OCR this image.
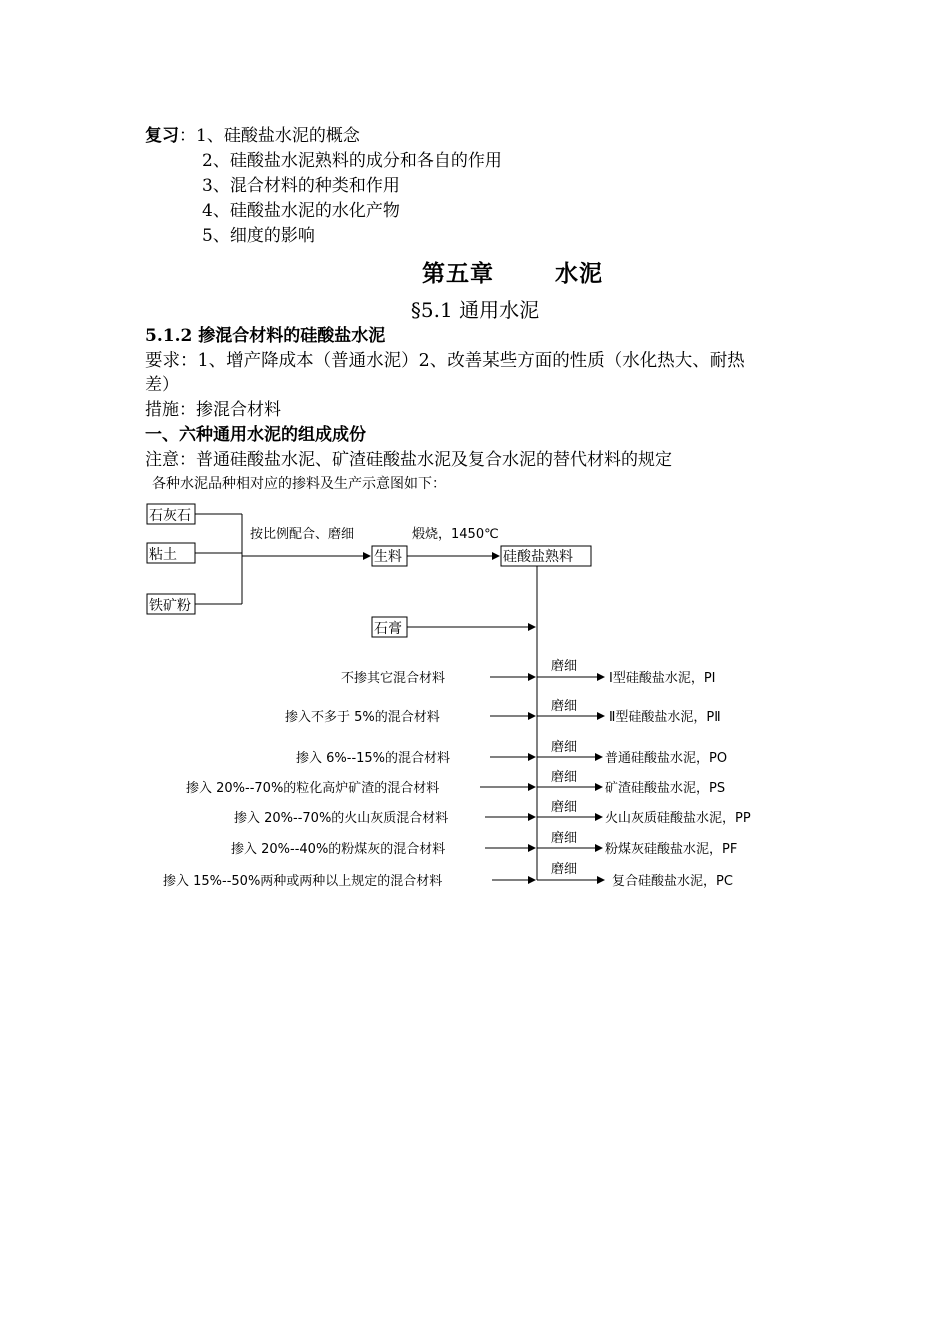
复习：1、硅酸盐水泥的概念
2、硅酸盐水泥熟料的成分和各自的作用
3、混合材料的种类和作用
4、硅酸盐水泥的水化产物
5、细度的影响
第五章	水泥
§5.1 通用水泥
5.1.2 掺混合材料的硅酸盐水泥
要求：1、增产降成本（普通水泥）2、改善某些方面的性质（水化热大、耐热
差）
措施：掺混合材料
一、六种通用水泥的组成成份
注意：普通硅酸盐水泥、矿渣硅酸盐水泥及复合水泥的替代材料的规定
各种水泥品种相对应的掺料及生产示意图如下：
石灰石
粘土
铁矿粉
按比例配合、磨细	煅烧，1450℃
生料	硅酸盐熟料
石膏
不掺其它混合材料
磨细
Ⅰ型硅酸盐水泥，PⅠ
掺入不多于 5%的混合材料
磨细
Ⅱ型硅酸盐水泥，PⅡ
掺入 6%--15%的混合材料
磨细
普通硅酸盐水泥，PO
掺入 20%--70%的粒化高炉矿渣的混合材料
磨细
矿渣硅酸盐水泥，PS
掺入 20%--70%的火山灰质混合材料
磨细
火山灰质硅酸盐水泥，PP
掺入 20%--40%的粉煤灰的混合材料
磨细
粉煤灰硅酸盐水泥，PF
掺入 15%--50%两种或两种以上规定的混合材料
磨细
复合硅酸盐水泥，PC
